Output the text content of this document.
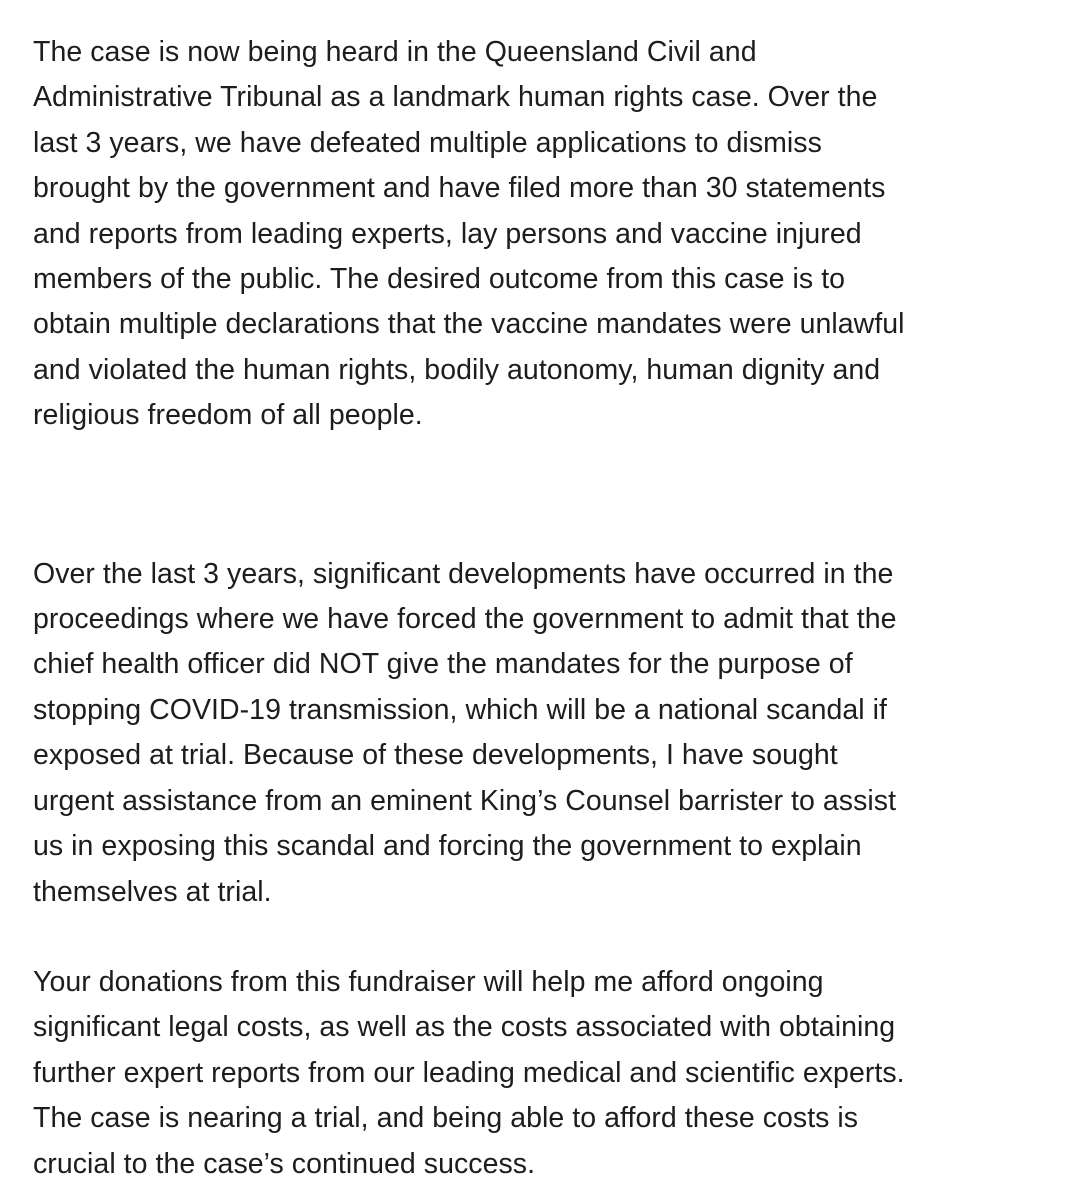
The case is now being heard in the Queensland Civil and
Administrative Tribunal as a landmark human rights case. Over the
last 3 years, we have defeated multiple applications to dismiss
brought by the government and have filed more than 30 statements
and reports from leading experts, lay persons and vaccine injured
members of the public. The desired outcome from this case is to
obtain multiple declarations that the vaccine mandates were unlawful
and violated the human rights, bodily autonomy, human dignity and
religious freedom of all people.
Over the last 3 years, significant developments have occurred in the
proceedings where we have forced the government to admit that the
chief health officer did NOT give the mandates for the purpose of
stopping COVID-19 transmission, which will be a national scandal if
exposed at trial. Because of these developments, I have sought
urgent assistance from an eminent King’s Counsel barrister to assist
us in exposing this scandal and forcing the government to explain
themselves at trial.
Your donations from this fundraiser will help me afford ongoing
significant legal costs, as well as the costs associated with obtaining
further expert reports from our leading medical and scientific experts.
The case is nearing a trial, and being able to afford these costs is
crucial to the case’s continued success.
